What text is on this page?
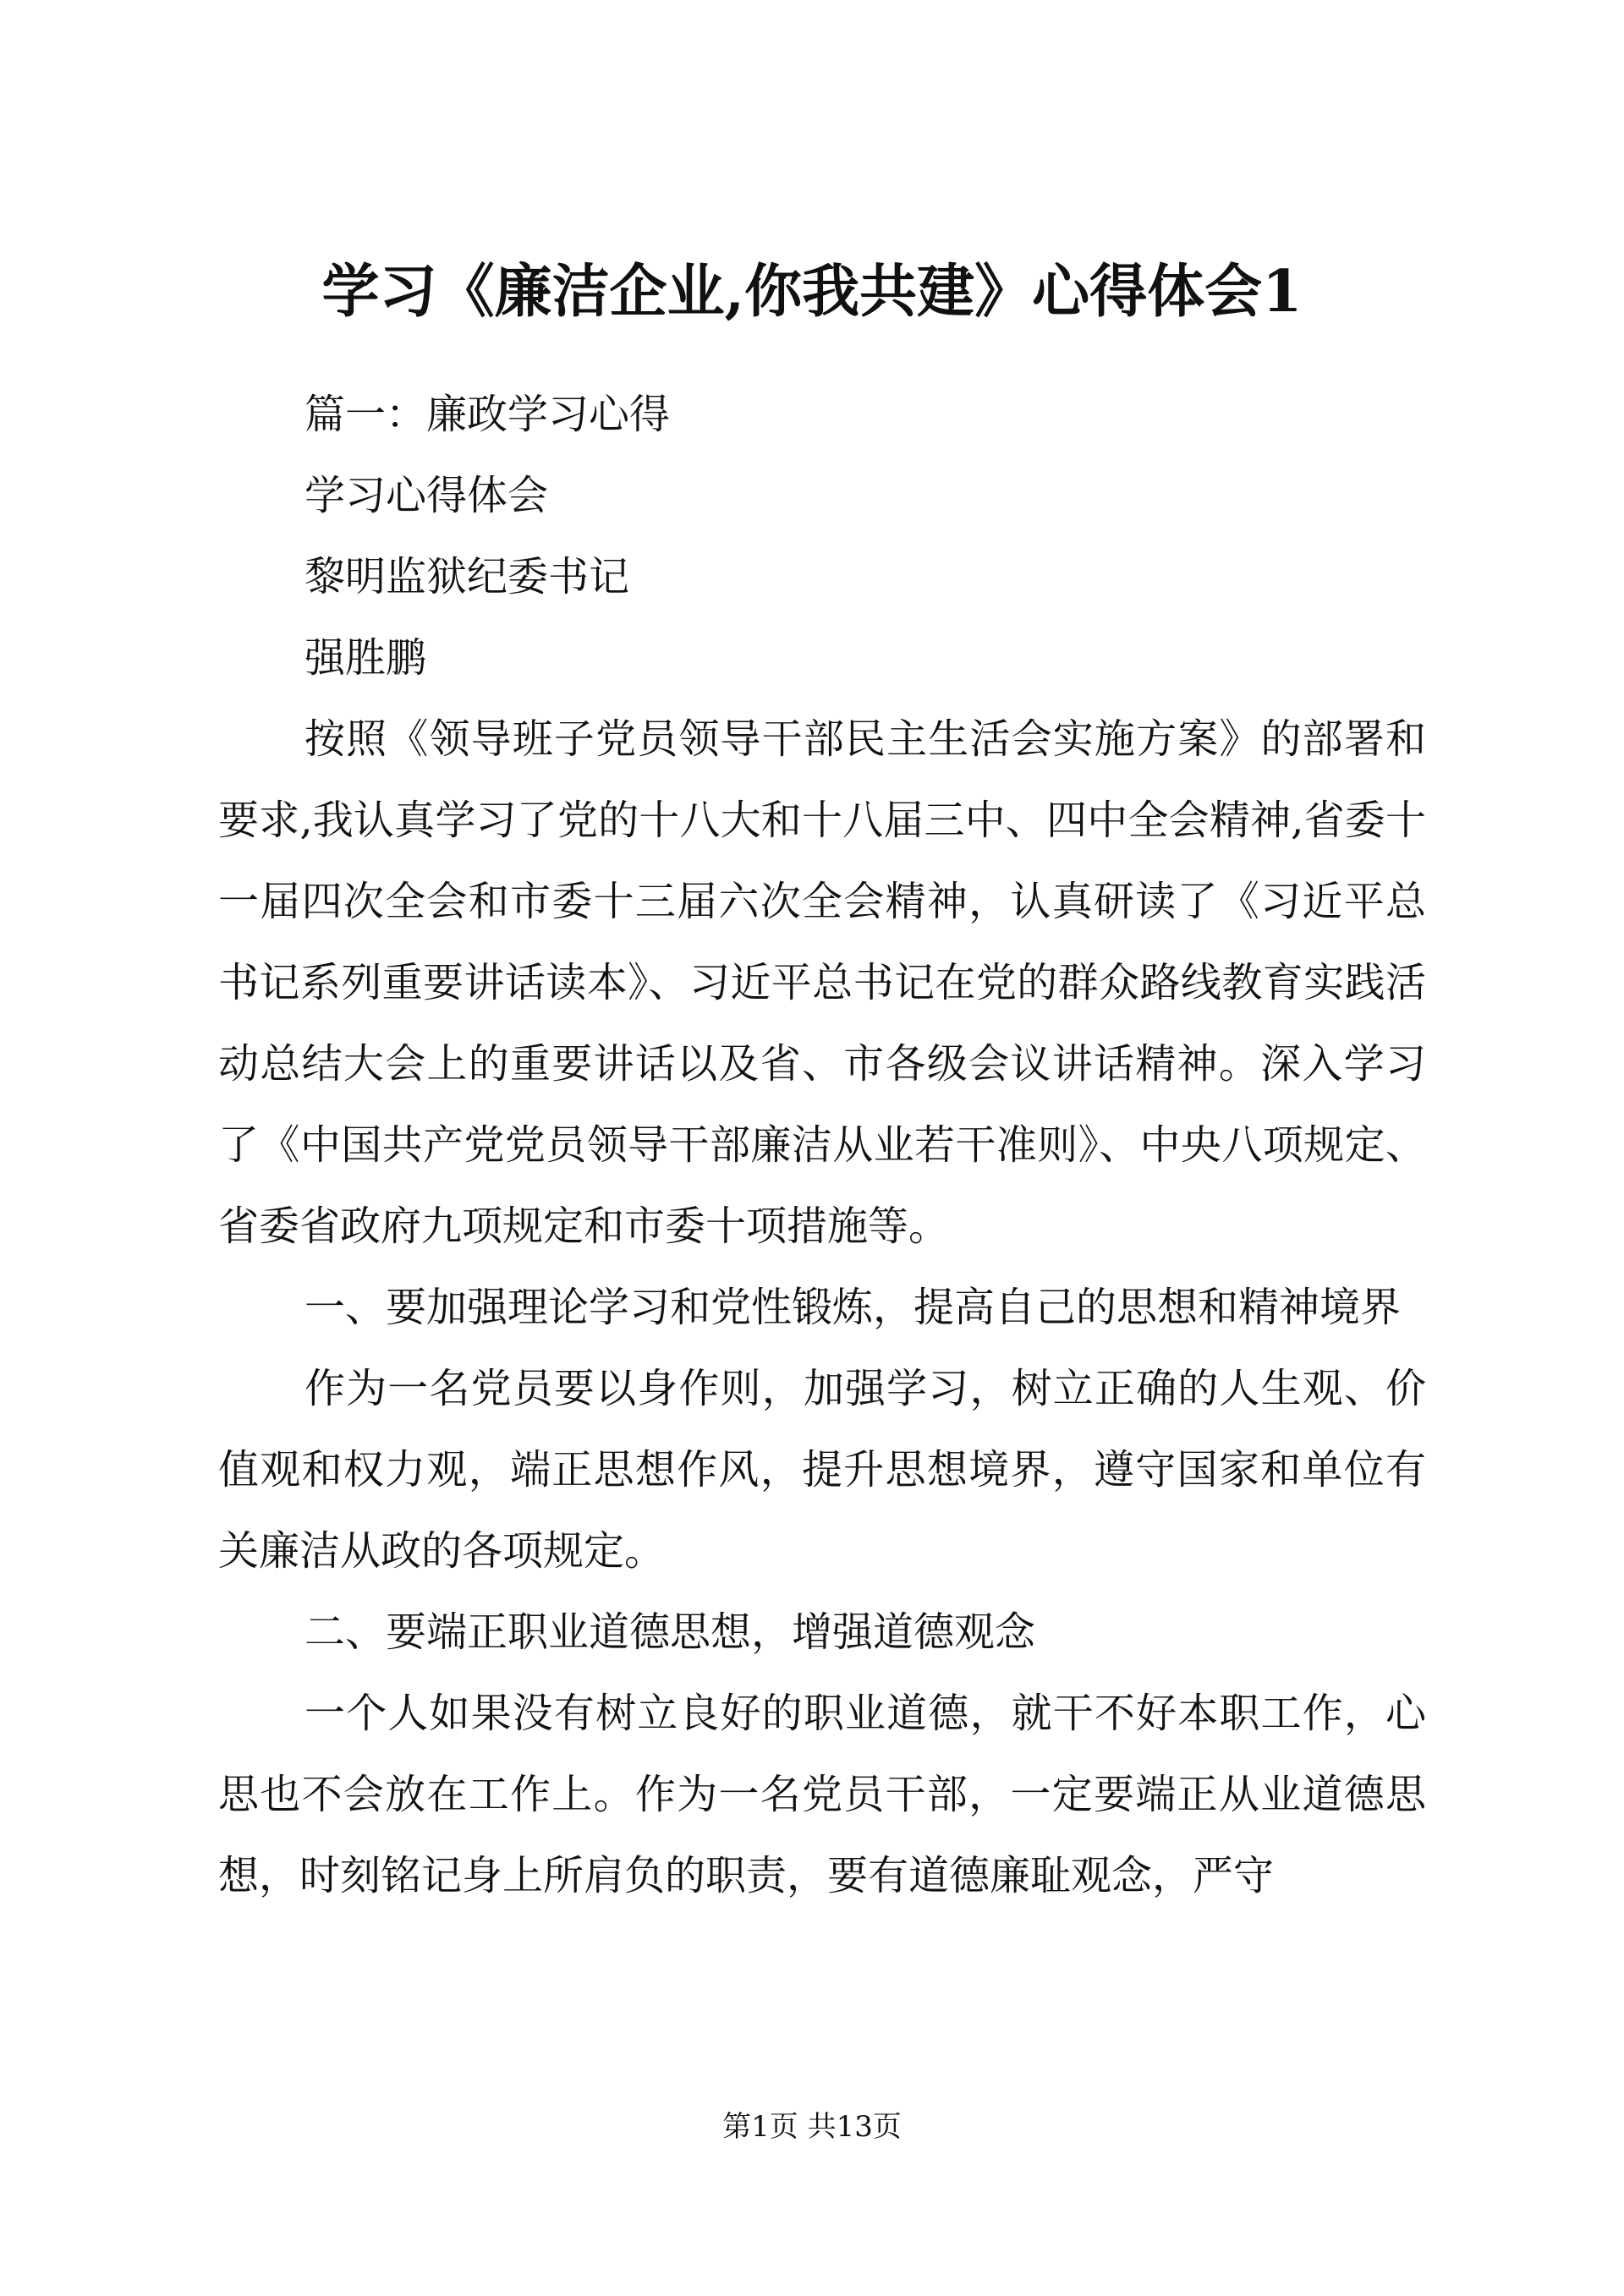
学习《廉洁企业,你我共建》心得体会1

篇一：廉政学习心得

学习心得体会

黎明监狱纪委书记

强胜鹏

按照《领导班子党员领导干部民主生活会实施方案》的部署和要求,我认真学习了党的十八大和十八届三中、四中全会精神,省委十一届四次全会和市委十三届六次全会精神，认真研读了《习近平总书记系列重要讲话读本》、习近平总书记在党的群众路线教育实践活动总结大会上的重要讲话以及省、市各级会议讲话精神。深入学习了《中国共产党党员领导干部廉洁从业若干准则》、中央八项规定、省委省政府九项规定和市委十项措施等。

一、要加强理论学习和党性锻炼，提高自己的思想和精神境界

作为一名党员要以身作则，加强学习，树立正确的人生观、价值观和权力观，端正思想作风，提升思想境界，遵守国家和单位有关廉洁从政的各项规定。

二、要端正职业道德思想，增强道德观念

一个人如果没有树立良好的职业道德，就干不好本职工作，心思也不会放在工作上。作为一名党员干部，一定要端正从业道德思想，时刻铭记身上所肩负的职责，要有道德廉耻观念，严守

第1页 共13页
